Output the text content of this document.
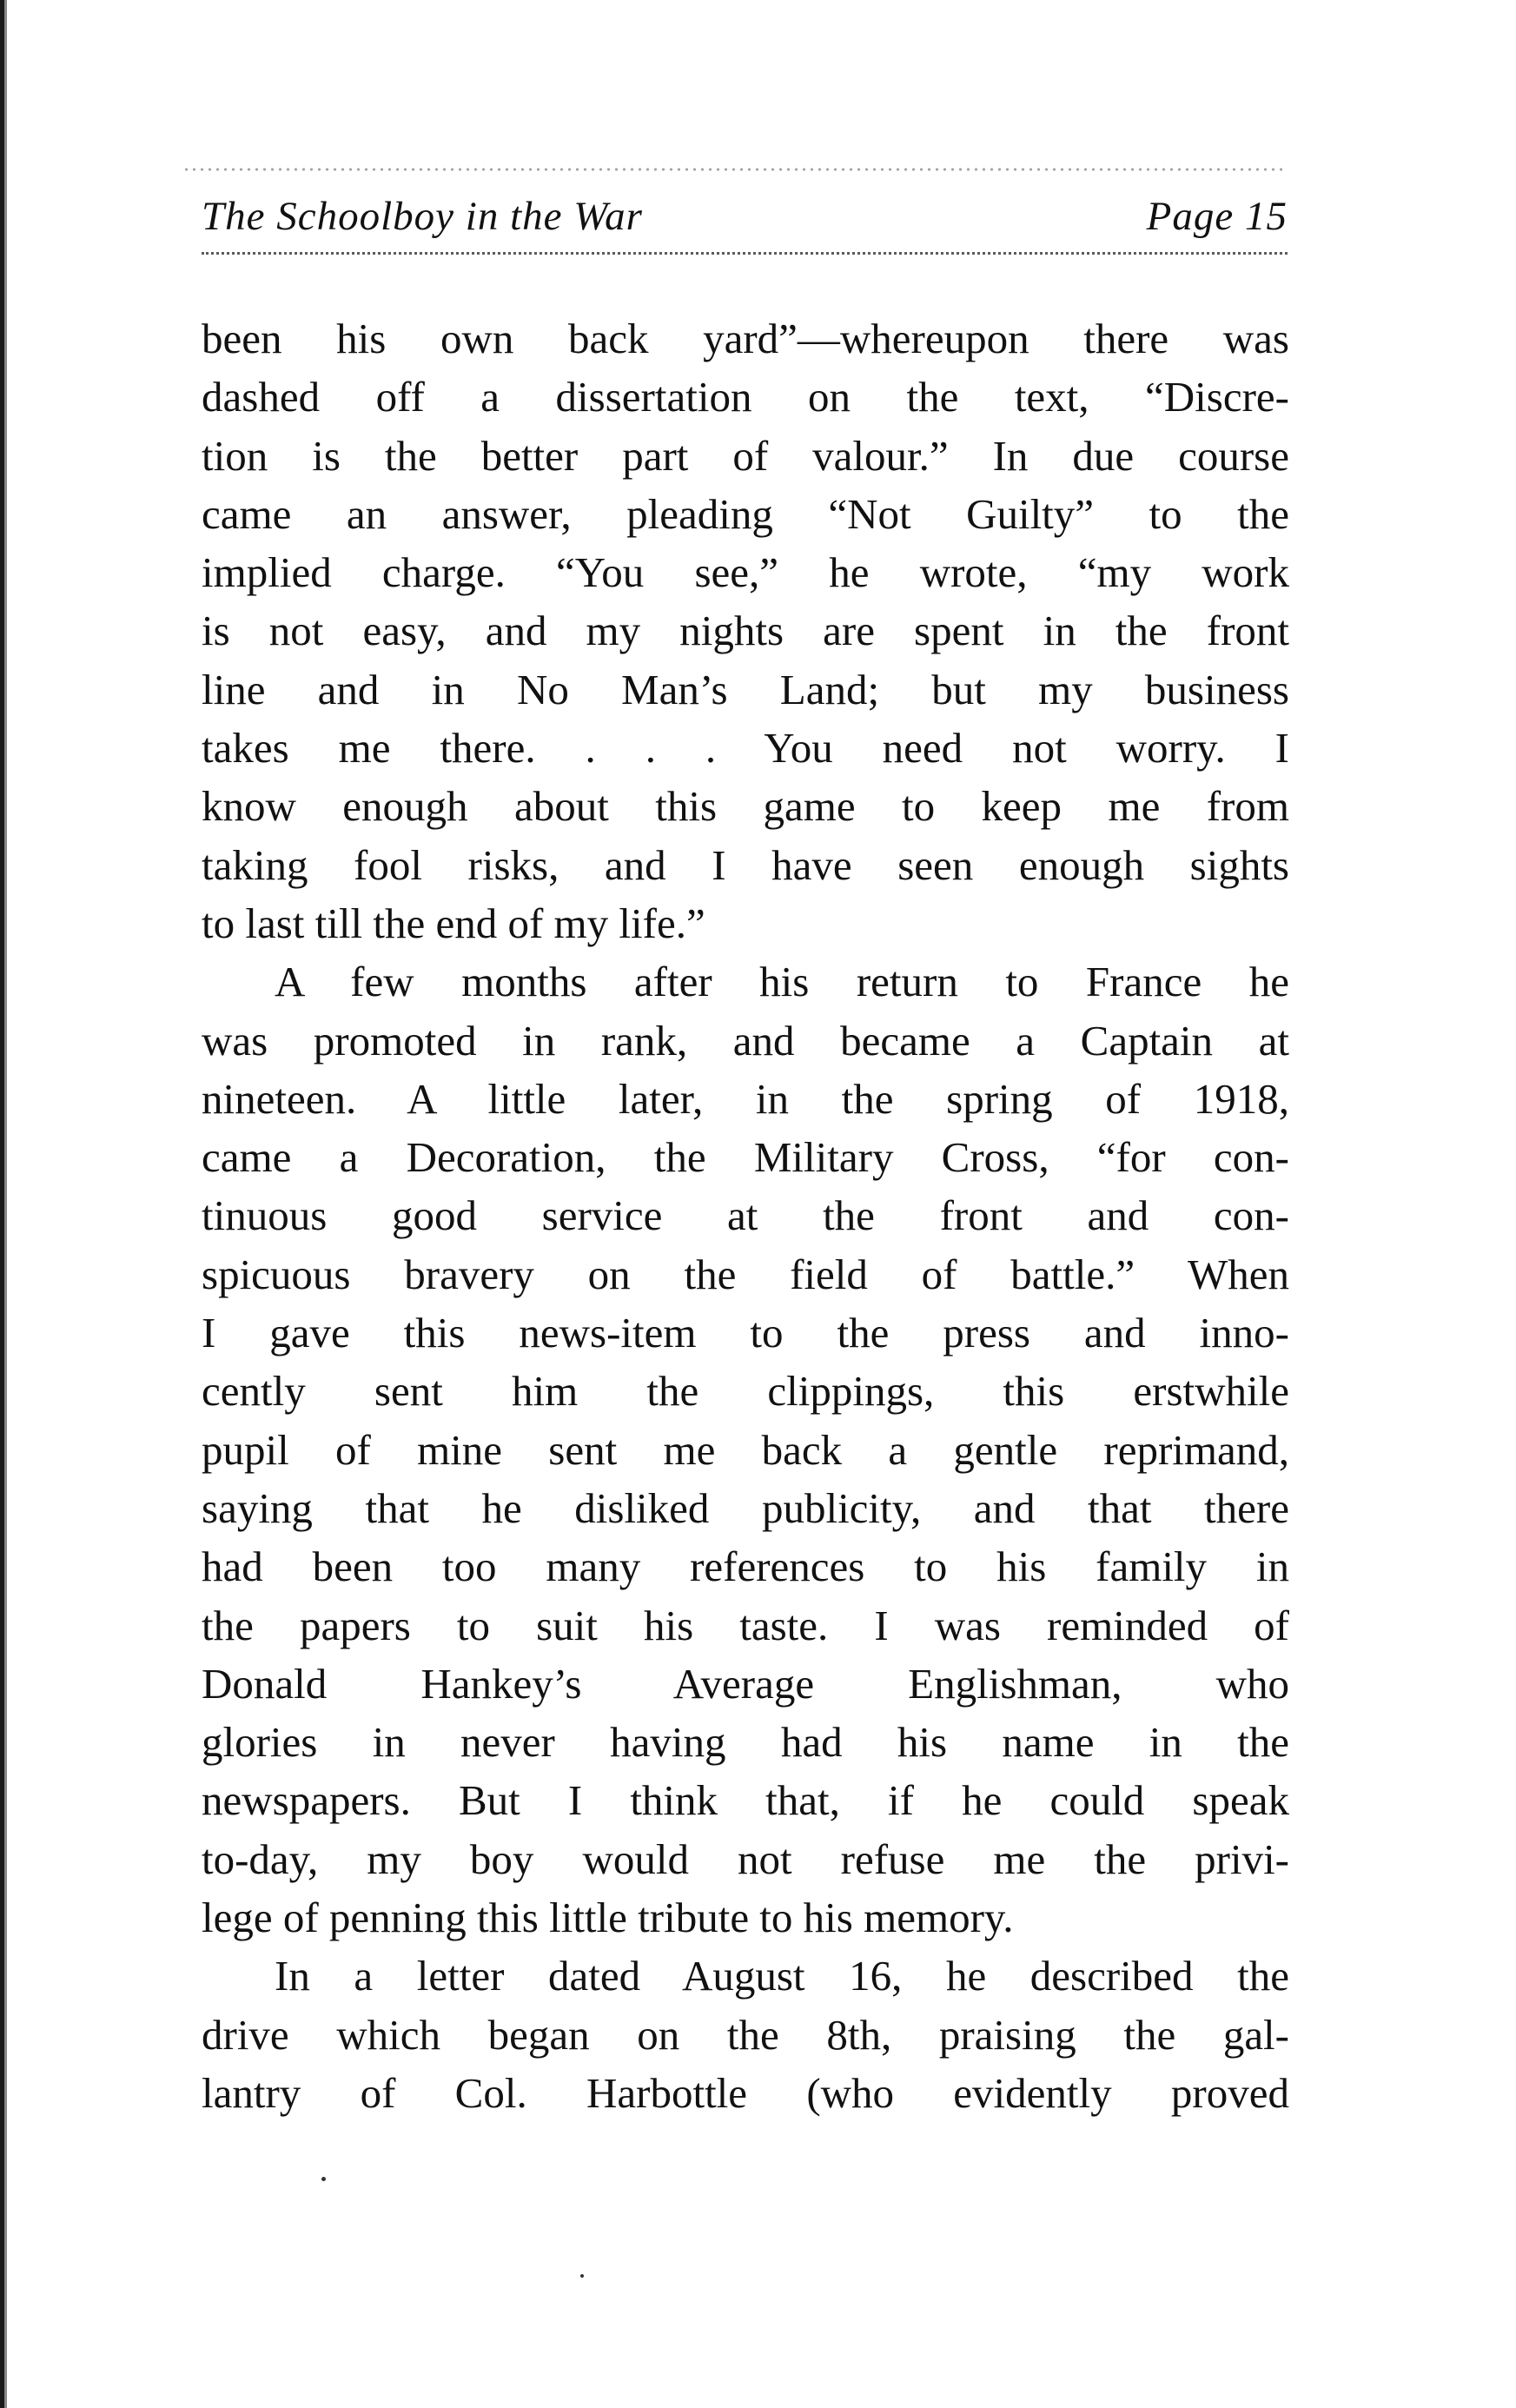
The Schoolboy in the War	Page 15
been his own back yard”—whereupon there was
dashed off a dissertation on the text, “Discre-
tion is the better part of valour.” In due course
came an answer, pleading “Not Guilty” to the
implied charge. “You see,” he wrote, “my work
is not easy, and my nights are spent in the front
line and in No Man’s Land; but my business
takes me there. . . . You need not worry. I
know enough about this game to keep me from
taking fool risks, and I have seen enough sights
to last till the end of my life.”
A few months after his return to France he
was promoted in rank, and became a Captain at
nineteen. A little later, in the spring of 1918,
came a Decoration, the Military Cross, “for con-
tinuous good service at the front and con-
spicuous bravery on the field of battle.” When
I gave this news-item to the press and inno-
cently sent him the clippings, this erstwhile
pupil of mine sent me back a gentle reprimand,
saying that he disliked publicity, and that there
had been too many references to his family in
the papers to suit his taste. I was reminded of
Donald Hankey’s Average Englishman, who
glories in never having had his name in the
newspapers. But I think that, if he could speak
to-day, my boy would not refuse me the privi-
lege of penning this little tribute to his memory.
In a letter dated August 16, he described the
drive which began on the 8th, praising the gal-
lantry of Col. Harbottle (who evidently proved
